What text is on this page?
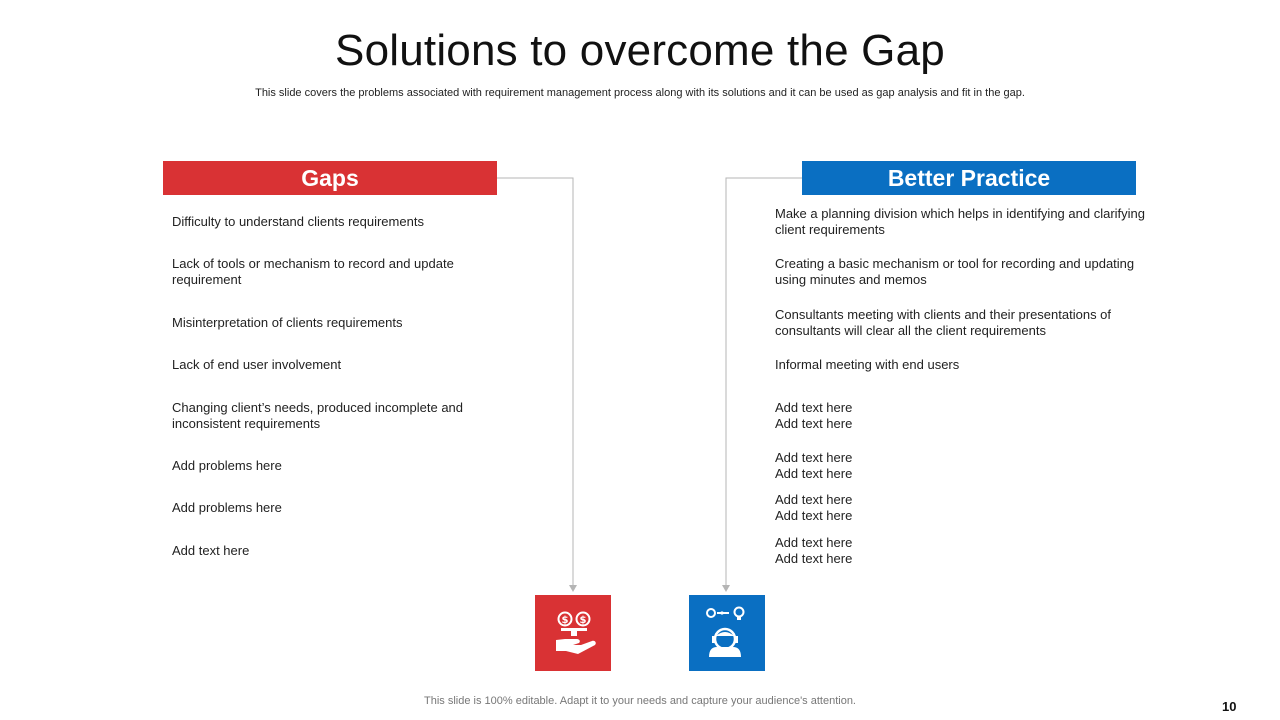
Solutions to overcome the Gap
This slide covers the problems associated with requirement management process along with its solutions and it can be used as gap analysis and fit in the gap.
Gaps	Better Practice
Difficulty to understand clients requirements
Lack of tools or mechanism to record and update requirement
Misinterpretation of clients requirements
Lack of end user involvement
Changing client’s needs, produced incomplete and inconsistent requirements
Add problems here
Add problems here
Add text here
Make a planning division which helps in identifying and clarifying client requirements
Creating a basic mechanism or tool for recording and updating using minutes and memos
Consultants meeting with clients and their presentations of consultants will clear all the client requirements
Informal meeting with end users
Add text here
Add text here
Add text here
Add text here
Add text here
Add text here
Add text here
Add text here
$ $
This slide is 100% editable. Adapt it to your needs and capture your audience's attention.	10
